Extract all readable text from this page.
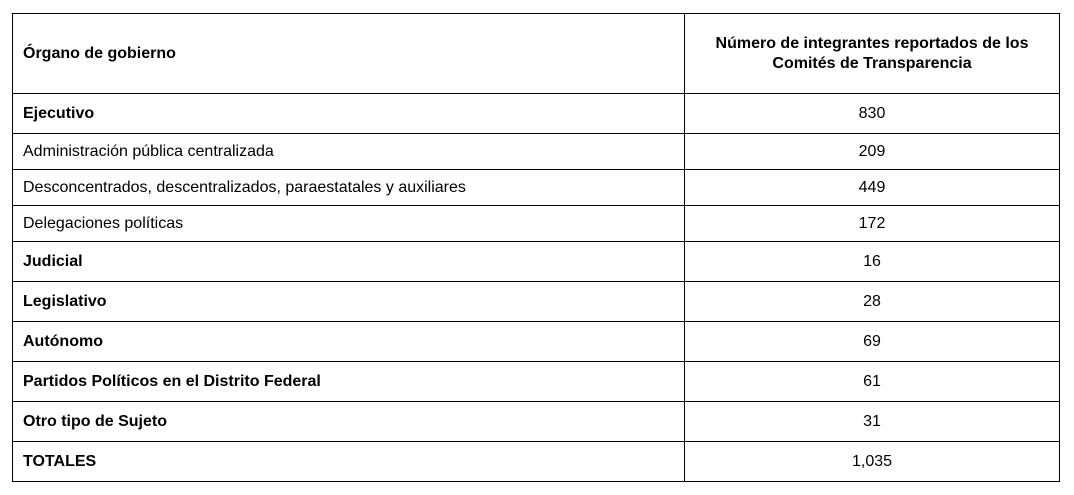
Órgano de gobierno	Número de integrantes reportados de los
Comités de Transparencia
Ejecutivo	830
Administración pública centralizada	209
Desconcentrados, descentralizados, paraestatales y auxiliares	449
Delegaciones políticas	172
Judicial	16
Legislativo	28
Autónomo	69
Partidos Políticos en el Distrito Federal	61
Otro tipo de Sujeto	31
TOTALES	1,035
